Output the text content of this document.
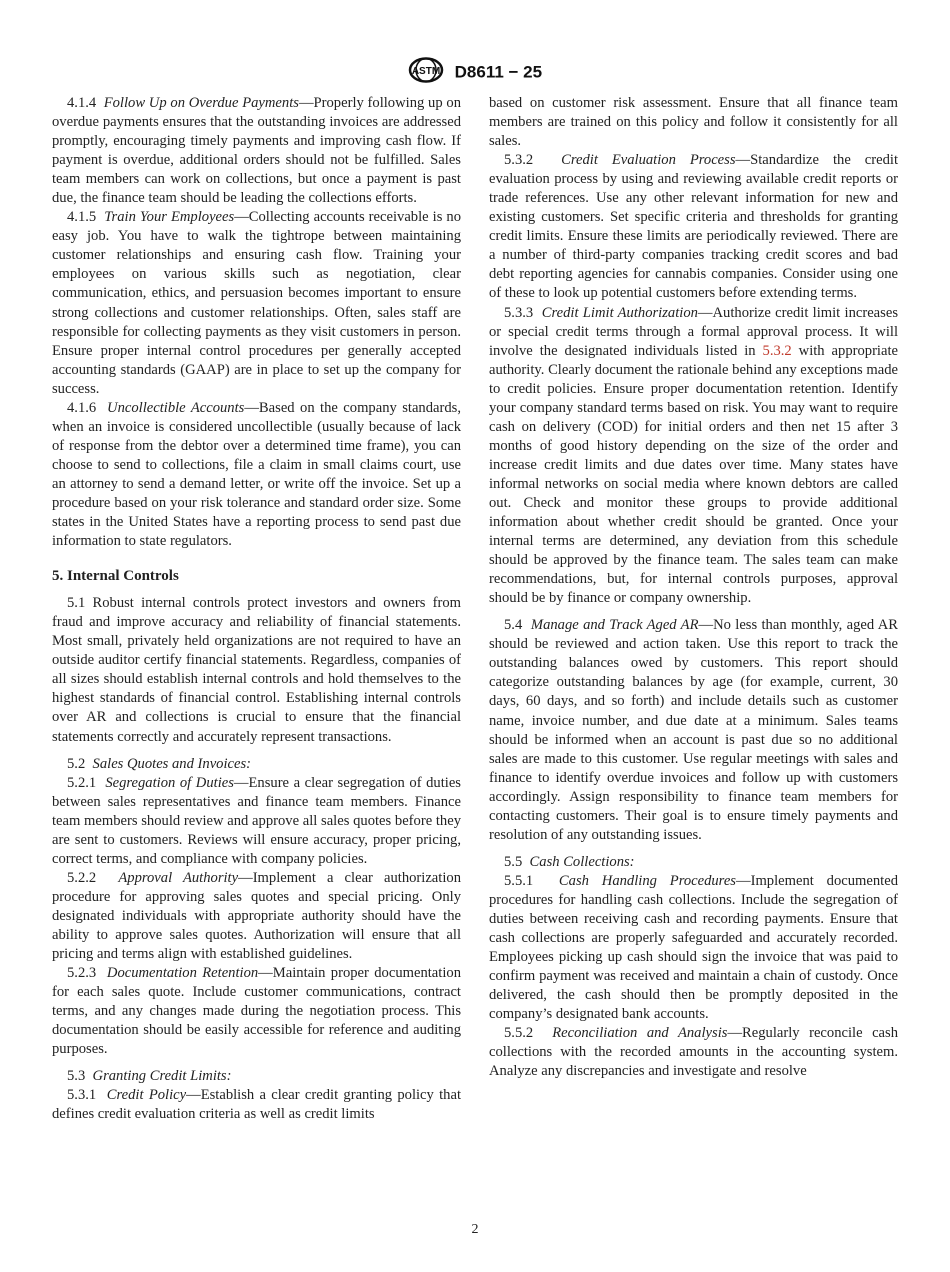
ASTM D8611 − 25

4.1.4 Follow Up on Overdue Payments—Properly following up on overdue payments ensures that the outstanding invoices are addressed promptly, encouraging timely payments and improving cash flow. If payment is overdue, additional orders should not be fulfilled. Sales team members can work on collections, but once a payment is past due, the finance team should be leading the collections efforts.

4.1.5 Train Your Employees—Collecting accounts receivable is no easy job. You have to walk the tightrope between maintaining customer relationships and ensuring cash flow. Training your employees on various skills such as negotiation, clear communication, ethics, and persuasion becomes important to ensure strong collections and customer relationships. Often, sales staff are responsible for collecting payments as they visit customers in person. Ensure proper internal control procedures per generally accepted accounting standards (GAAP) are in place to set up the company for success.

4.1.6 Uncollectible Accounts—Based on the company standards, when an invoice is considered uncollectible (usually because of lack of response from the debtor over a determined time frame), you can choose to send to collections, file a claim in small claims court, use an attorney to send a demand letter, or write off the invoice. Set up a procedure based on your risk tolerance and standard order size. Some states in the United States have a reporting process to send past due information to state regulators.

5. Internal Controls

5.1 Robust internal controls protect investors and owners from fraud and improve accuracy and reliability of financial statements. Most small, privately held organizations are not required to have an outside auditor certify financial statements. Regardless, companies of all sizes should establish internal controls and hold themselves to the highest standards of financial control. Establishing internal controls over AR and collections is crucial to ensure that the financial statements correctly and accurately represent transactions.

5.2 Sales Quotes and Invoices:

5.2.1 Segregation of Duties—Ensure a clear segregation of duties between sales representatives and finance team members. Finance team members should review and approve all sales quotes before they are sent to customers. Reviews will ensure accuracy, proper pricing, correct terms, and compliance with company policies.

5.2.2 Approval Authority—Implement a clear authorization procedure for approving sales quotes and special pricing. Only designated individuals with appropriate authority should have the ability to approve sales quotes. Authorization will ensure that all pricing and terms align with established guidelines.

5.2.3 Documentation Retention—Maintain proper documentation for each sales quote. Include customer communications, contract terms, and any changes made during the negotiation process. This documentation should be easily accessible for reference and auditing purposes.

5.3 Granting Credit Limits:

5.3.1 Credit Policy—Establish a clear credit granting policy that defines credit evaluation criteria as well as credit limits

based on customer risk assessment. Ensure that all finance team members are trained on this policy and follow it consistently for all sales.

5.3.2 Credit Evaluation Process—Standardize the credit evaluation process by using and reviewing available credit reports or trade references. Use any other relevant information for new and existing customers. Set specific criteria and thresholds for granting credit limits. Ensure these limits are periodically reviewed. There are a number of third-party companies tracking credit scores and bad debt reporting agencies for cannabis companies. Consider using one of these to look up potential customers before extending terms.

5.3.3 Credit Limit Authorization—Authorize credit limit increases or special credit terms through a formal approval process. It will involve the designated individuals listed in 5.3.2 with appropriate authority. Clearly document the rationale behind any exceptions made to credit policies. Ensure proper documentation retention. Identify your company standard terms based on risk. You may want to require cash on delivery (COD) for initial orders and then net 15 after 3 months of good history depending on the size of the order and increase credit limits and due dates over time. Many states have informal networks on social media where known debtors are called out. Check and monitor these groups to provide additional information about whether credit should be granted. Once your internal terms are determined, any deviation from this schedule should be approved by the finance team. The sales team can make recommendations, but, for internal controls purposes, approval should be by finance or company ownership.

5.4 Manage and Track Aged AR—No less than monthly, aged AR should be reviewed and action taken. Use this report to track the outstanding balances owed by customers. This report should categorize outstanding balances by age (for example, current, 30 days, 60 days, and so forth) and include details such as customer name, invoice number, and due date at a minimum. Sales teams should be informed when an account is past due so no additional sales are made to this customer. Use regular meetings with sales and finance to identify overdue invoices and follow up with customers accordingly. Assign responsibility to finance team members for contacting customers. Their goal is to ensure timely payments and resolution of any outstanding issues.

5.5 Cash Collections:

5.5.1 Cash Handling Procedures—Implement documented procedures for handling cash collections. Include the segregation of duties between receiving cash and recording payments. Ensure that cash collections are properly safeguarded and accurately recorded. Employees picking up cash should sign the invoice that was paid to confirm payment was received and maintain a chain of custody. Once delivered, the cash should then be promptly deposited in the company’s designated bank accounts.

5.5.2 Reconciliation and Analysis—Regularly reconcile cash collections with the recorded amounts in the accounting system. Analyze any discrepancies and investigate and resolve

2
